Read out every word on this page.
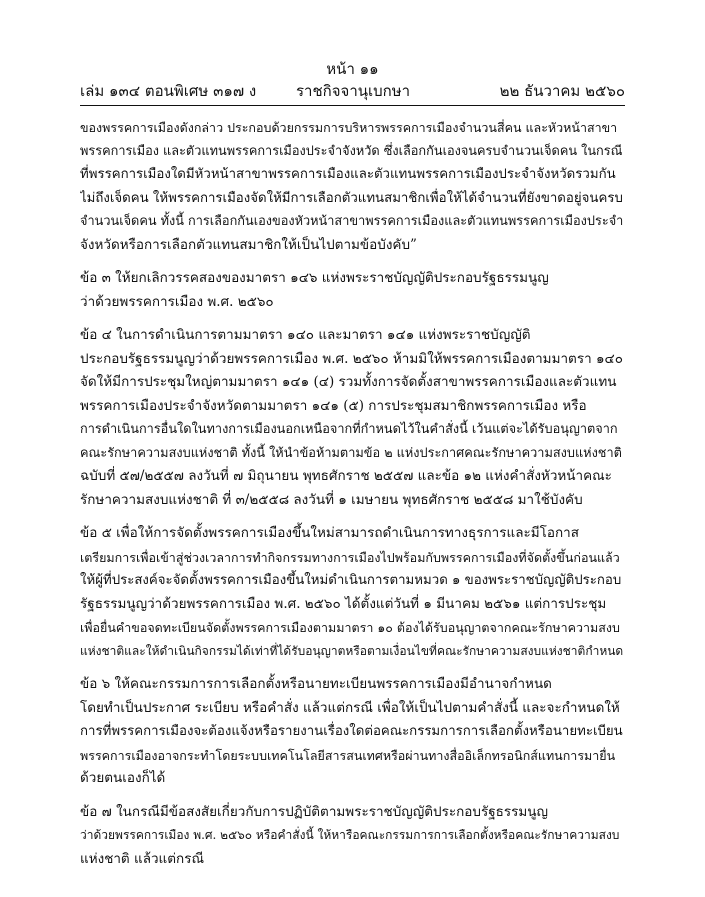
หน้า ๑๑
เล่ม ๑๓๔ ตอนพิเศษ ๓๑๗ ง	ราชกิจจานุเบกษา	๒๒ ธันวาคม ๒๕๖๐
ของพรรคการเมืองดังกล่าว ประกอบด้วยกรรมการบริหารพรรคการเมืองจำนวนสี่คน และหัวหน้าสาขา
พรรคการเมือง และตัวแทนพรรคการเมืองประจำจังหวัด ซึ่งเลือกกันเองจนครบจำนวนเจ็ดคน ในกรณี
ที่พรรคการเมืองใดมีหัวหน้าสาขาพรรคการเมืองและตัวแทนพรรคการเมืองประจำจังหวัดรวมกัน
ไม่ถึงเจ็ดคน ให้พรรคการเมืองจัดให้มีการเลือกตัวแทนสมาชิกเพื่อให้ได้จำนวนที่ยังขาดอยู่จนครบ
จำนวนเจ็ดคน ทั้งนี้ การเลือกกันเองของหัวหน้าสาขาพรรคการเมืองและตัวแทนพรรคการเมืองประจำ
จังหวัดหรือการเลือกตัวแทนสมาชิกให้เป็นไปตามข้อบังคับ”
ข้อ ๓ ให้ยกเลิกวรรคสองของมาตรา ๑๔๖ แห่งพระราชบัญญัติประกอบรัฐธรรมนูญ
ว่าด้วยพรรคการเมือง พ.ศ. ๒๕๖๐
ข้อ ๔ ในการดำเนินการตามมาตรา ๑๔๐ และมาตรา ๑๔๑ แห่งพระราชบัญญัติ
ประกอบรัฐธรรมนูญว่าด้วยพรรคการเมือง พ.ศ. ๒๕๖๐ ห้ามมิให้พรรคการเมืองตามมาตรา ๑๔๐
จัดให้มีการประชุมใหญ่ตามมาตรา ๑๔๑ (๔) รวมทั้งการจัดตั้งสาขาพรรคการเมืองและตัวแทน
พรรคการเมืองประจำจังหวัดตามมาตรา ๑๔๑ (๕) การประชุมสมาชิกพรรคการเมือง หรือ
การดำเนินการอื่นใดในทางการเมืองนอกเหนือจากที่กำหนดไว้ในคำสั่งนี้ เว้นแต่จะได้รับอนุญาตจาก
คณะรักษาความสงบแห่งชาติ ทั้งนี้ ให้นำข้อห้ามตามข้อ ๒ แห่งประกาศคณะรักษาความสงบแห่งชาติ
ฉบับที่ ๕๗/๒๕๕๗ ลงวันที่ ๗ มิถุนายน พุทธศักราช ๒๕๕๗ และข้อ ๑๒ แห่งคำสั่งหัวหน้าคณะ
รักษาความสงบแห่งชาติ ที่ ๓/๒๕๕๘ ลงวันที่ ๑ เมษายน พุทธศักราช ๒๕๕๘ มาใช้บังคับ
ข้อ ๕ เพื่อให้การจัดตั้งพรรคการเมืองขึ้นใหม่สามารถดำเนินการทางธุรการและมีโอกาส
เตรียมการเพื่อเข้าสู่ช่วงเวลาการทำกิจกรรมทางการเมืองไปพร้อมกับพรรคการเมืองที่จัดตั้งขึ้นก่อนแล้ว
ให้ผู้ที่ประสงค์จะจัดตั้งพรรคการเมืองขึ้นใหม่ดำเนินการตามหมวด ๑ ของพระราชบัญญัติประกอบ
รัฐธรรมนูญว่าด้วยพรรคการเมือง พ.ศ. ๒๕๖๐ ได้ตั้งแต่วันที่ ๑ มีนาคม ๒๕๖๑ แต่การประชุม
เพื่อยื่นคำขอจดทะเบียนจัดตั้งพรรคการเมืองตามมาตรา ๑๐ ต้องได้รับอนุญาตจากคณะรักษาความสงบ
แห่งชาติและให้ดำเนินกิจกรรมได้เท่าที่ได้รับอนุญาตหรือตามเงื่อนไขที่คณะรักษาความสงบแห่งชาติกำหนด
ข้อ ๖ ให้คณะกรรมการการเลือกตั้งหรือนายทะเบียนพรรคการเมืองมีอำนาจกำหนด
โดยทำเป็นประกาศ ระเบียบ หรือคำสั่ง แล้วแต่กรณี เพื่อให้เป็นไปตามคำสั่งนี้ และจะกำหนดให้
การที่พรรคการเมืองจะต้องแจ้งหรือรายงานเรื่องใดต่อคณะกรรมการการเลือกตั้งหรือนายทะเบียน
พรรคการเมืองอาจกระทำโดยระบบเทคโนโลยีสารสนเทศหรือผ่านทางสื่ออิเล็กทรอนิกส์แทนการมายื่น
ด้วยตนเองก็ได้
ข้อ ๗ ในกรณีมีข้อสงสัยเกี่ยวกับการปฏิบัติตามพระราชบัญญัติประกอบรัฐธรรมนูญ
ว่าด้วยพรรคการเมือง พ.ศ. ๒๕๖๐ หรือคำสั่งนี้ ให้หารือคณะกรรมการการเลือกตั้งหรือคณะรักษาความสงบ
แห่งชาติ แล้วแต่กรณี
